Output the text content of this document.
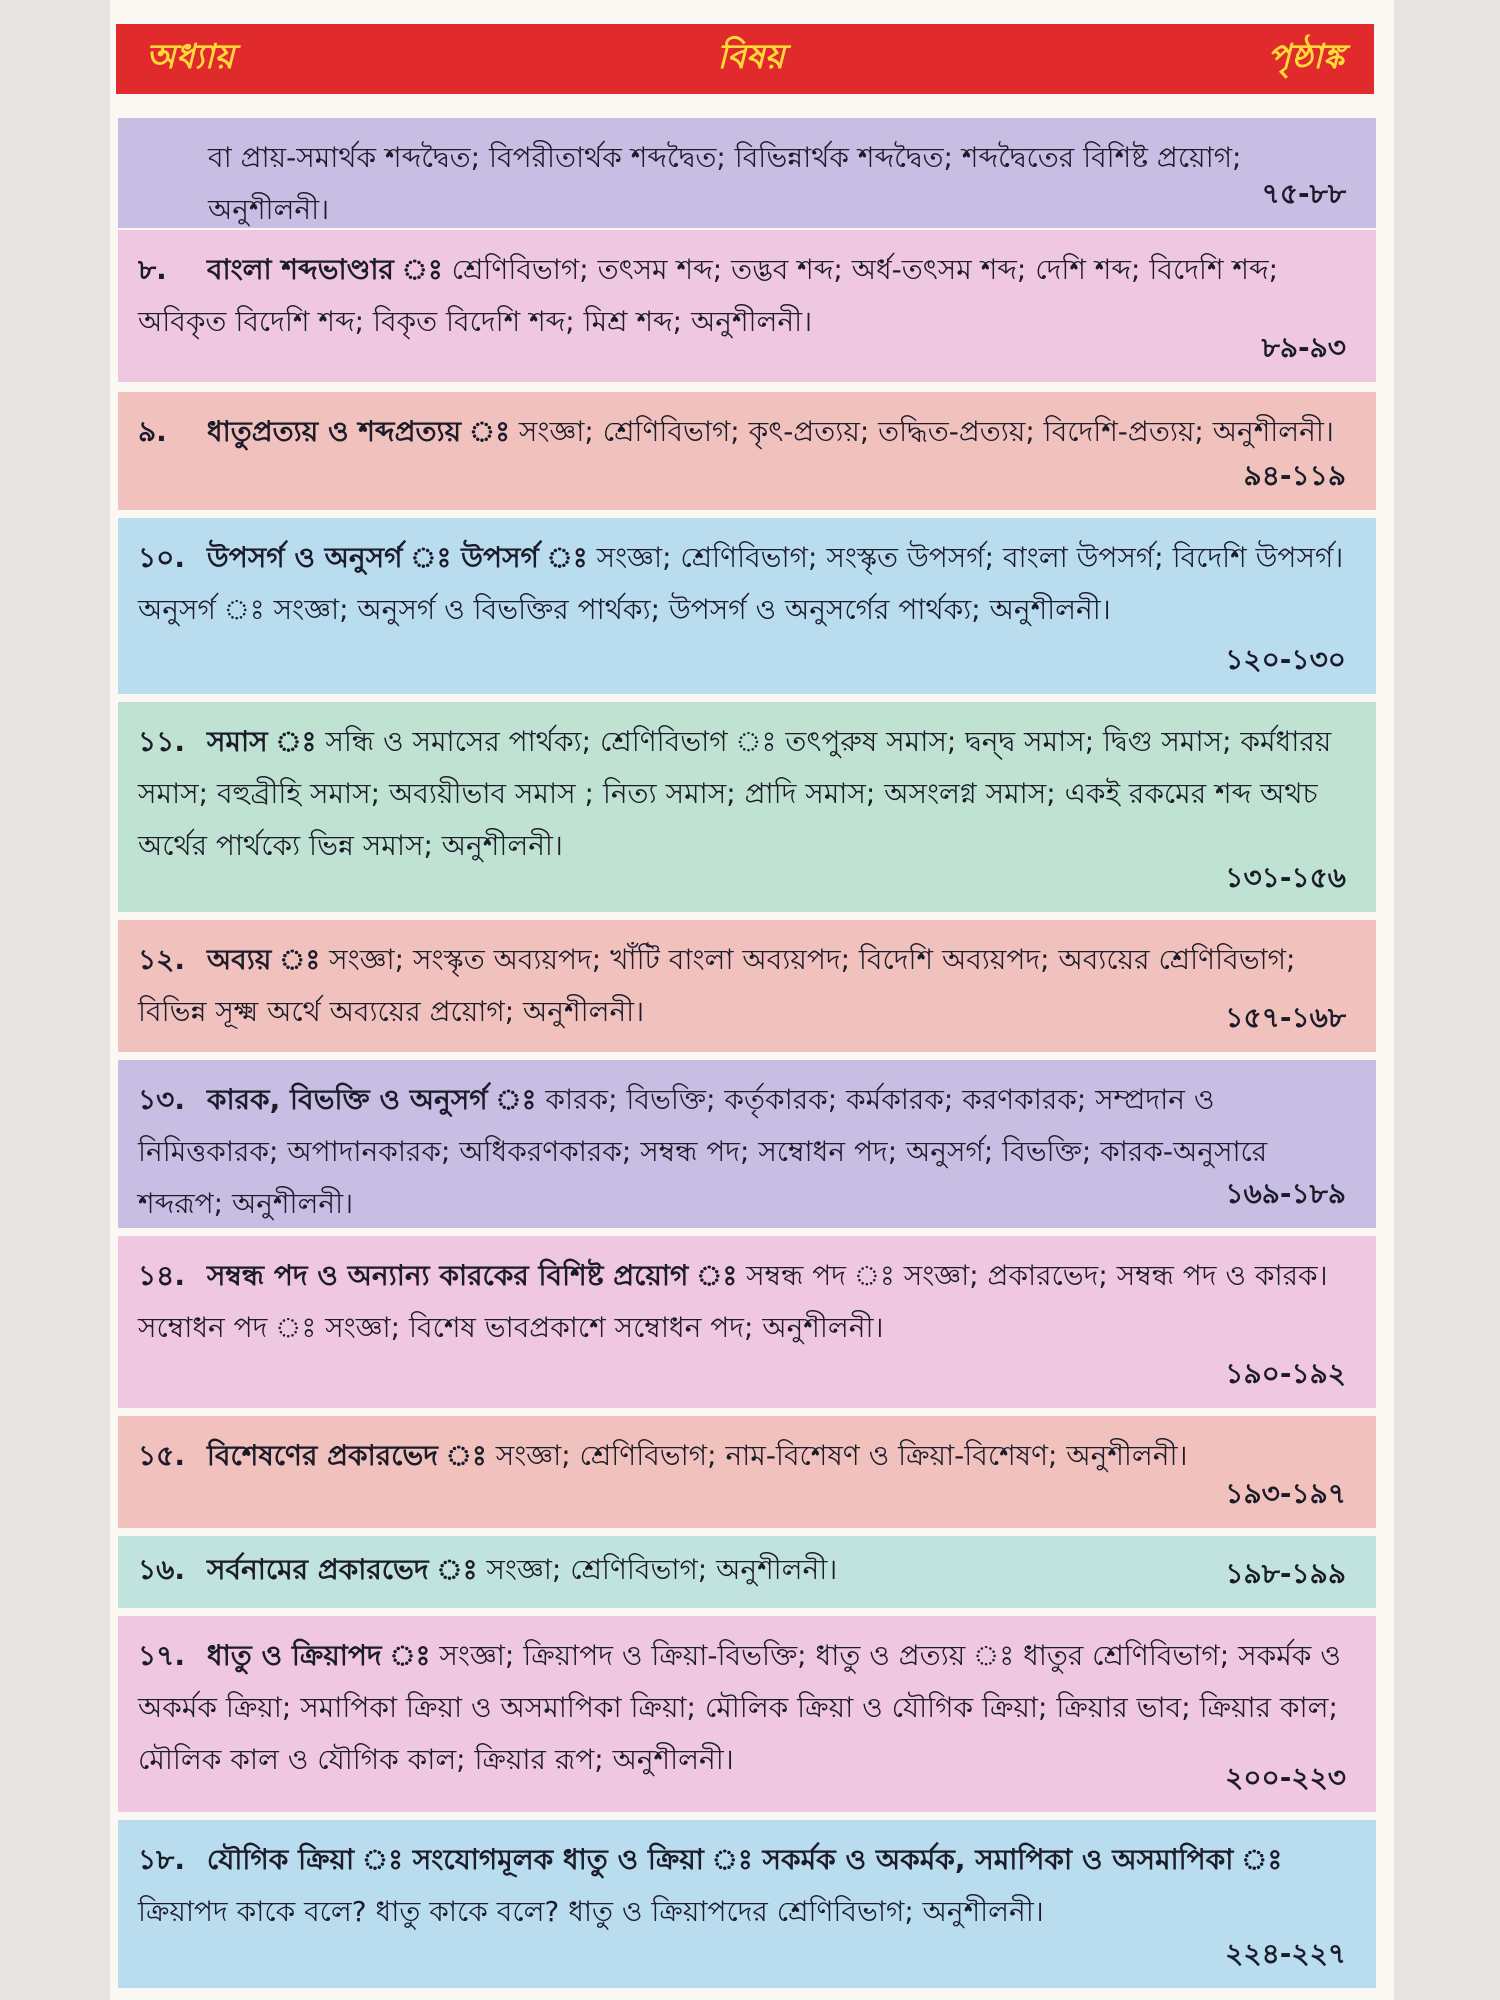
অধ্যায়	বিষয়	পৃষ্ঠাঙ্ক
বা প্রায়-সমার্থক শব্দদ্বৈত; বিপরীতার্থক শব্দদ্বৈত; বিভিন্নার্থক শব্দদ্বৈত; শব্দদ্বৈতের বিশিষ্ট প্রয়োগ; অনুশীলনী।	৭৫-৮৮
৮. বাংলা শব্দভাণ্ডার ঃ শ্রেণিবিভাগ; তৎসম শব্দ; তদ্ভব শব্দ; অর্ধ-তৎসম শব্দ; দেশি শব্দ; বিদেশি শব্দ; অবিকৃত বিদেশি শব্দ; বিকৃত বিদেশি শব্দ; মিশ্র শব্দ; অনুশীলনী।
৮৯-৯৩
৯. ধাতুপ্রত্যয় ও শব্দপ্রত্যয় ঃ সংজ্ঞা; শ্রেণিবিভাগ; কৃৎ-প্রত্যয়; তদ্ধিত-প্রত্যয়; বিদেশি-প্রত্যয়; অনুশীলনী।
৯৪-১১৯
১০. উপসর্গ ও অনুসর্গ ঃ উপসর্গ ঃ সংজ্ঞা; শ্রেণিবিভাগ; সংস্কৃত উপসর্গ; বাংলা উপসর্গ; বিদেশি উপসর্গ। অনুসর্গ ঃ সংজ্ঞা; অনুসর্গ ও বিভক্তির পার্থক্য; উপসর্গ ও অনুসর্গের পার্থক্য; অনুশীলনী।
১২০-১৩০
১১. সমাস ঃ সন্ধি ও সমাসের পার্থক্য; শ্রেণিবিভাগ ঃ তৎপুরুষ সমাস; দ্বন্দ্ব সমাস; দ্বিগু সমাস; কর্মধারয় সমাস; বহুব্রীহি সমাস; অব্যয়ীভাব সমাস ; নিত্য সমাস; প্রাদি সমাস; অসংলগ্ন সমাস; একই রকমের শব্দ অথচ অর্থের পার্থক্যে ভিন্ন সমাস; অনুশীলনী।
১৩১-১৫৬
১২. অব্যয় ঃ সংজ্ঞা; সংস্কৃত অব্যয়পদ; খাঁটি বাংলা অব্যয়পদ; বিদেশি অব্যয়পদ; অব্যয়ের শ্রেণিবিভাগ; বিভিন্ন সূক্ষ্ম অর্থে অব্যয়ের প্রয়োগ; অনুশীলনী।	১৫৭-১৬৮
১৩. কারক, বিভক্তি ও অনুসর্গ ঃ কারক; বিভক্তি; কর্তৃকারক; কর্মকারক; করণকারক; সম্প্রদান ও নিমিত্তকারক; অপাদানকারক; অধিকরণকারক; সম্বন্ধ পদ; সম্বোধন পদ; অনুসর্গ; বিভক্তি; কারক-অনুসারে শব্দরূপ; অনুশীলনী।	১৬৯-১৮৯
১৪. সম্বন্ধ পদ ও অন্যান্য কারকের বিশিষ্ট প্রয়োগ ঃ সম্বন্ধ পদ ঃ সংজ্ঞা; প্রকারভেদ; সম্বন্ধ পদ ও কারক। সম্বোধন পদ ঃ সংজ্ঞা; বিশেষ ভাবপ্রকাশে সম্বোধন পদ; অনুশীলনী।
১৯০-১৯২
১৫. বিশেষণের প্রকারভেদ ঃ সংজ্ঞা; শ্রেণিবিভাগ; নাম-বিশেষণ ও ক্রিয়া-বিশেষণ; অনুশীলনী।
১৯৩-১৯৭
১৬. সর্বনামের প্রকারভেদ ঃ সংজ্ঞা; শ্রেণিবিভাগ; অনুশীলনী।	১৯৮-১৯৯
১৭. ধাতু ও ক্রিয়াপদ ঃ সংজ্ঞা; ক্রিয়াপদ ও ক্রিয়া-বিভক্তি; ধাতু ও প্রত্যয় ঃ ধাতুর শ্রেণিবিভাগ; সকর্মক ও অকর্মক ক্রিয়া; সমাপিকা ক্রিয়া ও অসমাপিকা ক্রিয়া; মৌলিক ক্রিয়া ও যৌগিক ক্রিয়া; ক্রিয়ার ভাব; ক্রিয়ার কাল; মৌলিক কাল ও যৌগিক কাল; ক্রিয়ার রূপ; অনুশীলনী।
২০০-২২৩
১৮. যৌগিক ক্রিয়া ঃ সংযোগমূলক ধাতু ও ক্রিয়া ঃ সকর্মক ও অকর্মক, সমাপিকা ও অসমাপিকা ঃ ক্রিয়াপদ কাকে বলে? ধাতু কাকে বলে? ধাতু ও ক্রিয়াপদের শ্রেণিবিভাগ; অনুশীলনী।
২২৪-২২৭
